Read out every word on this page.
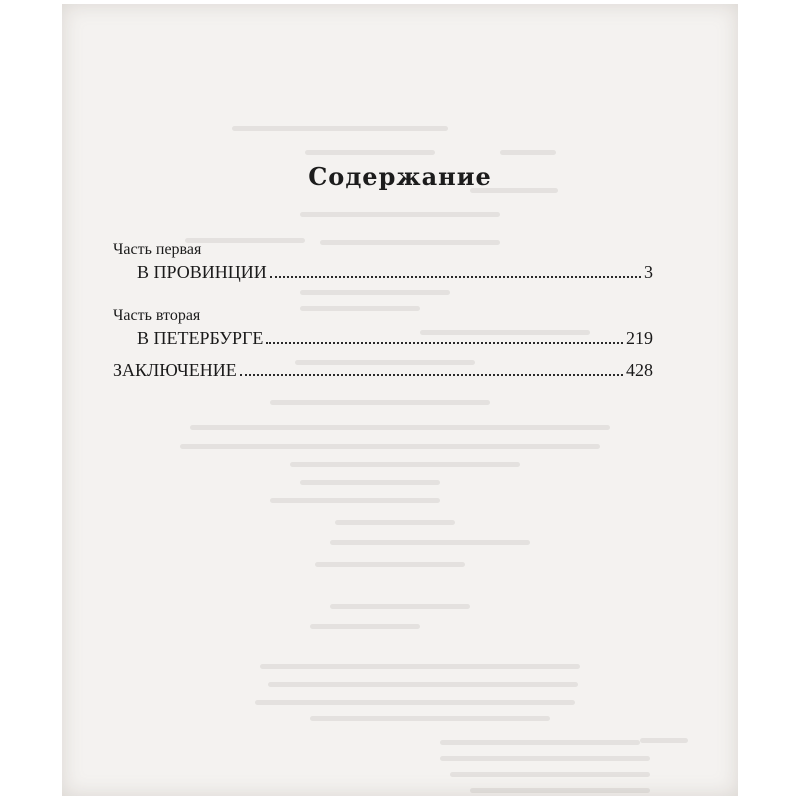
Содержание
Часть первая
В ПРОВИНЦИИ	3
Часть вторая
В ПЕТЕРБУРГЕ	219
ЗАКЛЮЧЕНИЕ	428
